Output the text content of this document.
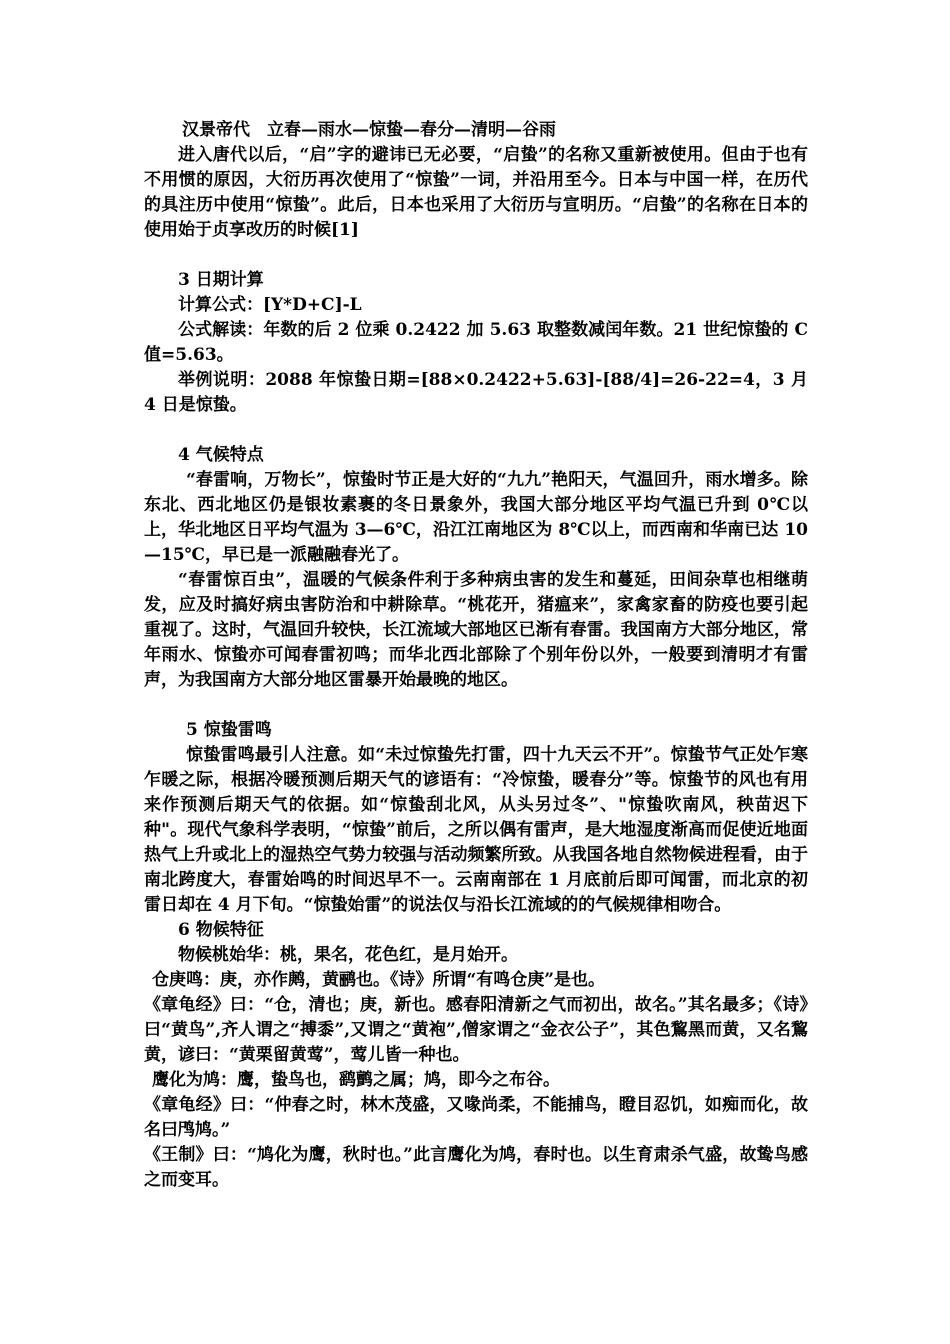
汉景帝代　立春—雨水—惊蛰—春分—清明—谷雨

进入唐代以后，“启”字的避讳已无必要，“启蛰”的名称又重新被使用。但由于也有不用惯的原因，大衍历再次使用了“惊蛰”一词，并沿用至今。日本与中国一样，在历代的具注历中使用“惊蛰”。此后，日本也采用了大衍历与宣明历。“启蛰”的名称在日本的使用始于贞享改历的时候[1]

3 日期计算

计算公式：[Y*D+C]-L

公式解读：年数的后 2 位乘 0.2422 加 5.63 取整数减闰年数。21 世纪惊蛰的 C 值=5.63。

举例说明：2088 年惊蛰日期=[88×0.2422+5.63]-[88/4]=26-22=4，3 月 4 日是惊蛰。

4 气候特点

“春雷响，万物长”，惊蛰时节正是大好的“九九”艳阳天，气温回升，雨水增多。除东北、西北地区仍是银妆素裹的冬日景象外，我国大部分地区平均气温已升到 0℃以上，华北地区日平均气温为 3—6℃，沿江江南地区为 8℃以上，而西南和华南已达 10—15℃，早已是一派融融春光了。

“春雷惊百虫”，温暖的气候条件利于多种病虫害的发生和蔓延，田间杂草也相继萌发，应及时搞好病虫害防治和中耕除草。“桃花开，猪瘟来”，家禽家畜的防疫也要引起重视了。这时，气温回升较快，长江流域大部地区已渐有春雷。我国南方大部分地区，常年雨水、惊蛰亦可闻春雷初鸣；而华北西北部除了个别年份以外，一般要到清明才有雷声，为我国南方大部分地区雷暴开始最晚的地区。

5 惊蛰雷鸣

惊蛰雷鸣最引人注意。如“未过惊蛰先打雷，四十九天云不开”。惊蛰节气正处乍寒乍暖之际，根据冷暖预测后期天气的谚语有：“冷惊蛰，暖春分”等。惊蛰节的风也有用来作预测后期天气的依据。如“惊蛰刮北风，从头另过冬”、"惊蛰吹南风，秧苗迟下种"。现代气象科学表明，“惊蛰”前后，之所以偶有雷声，是大地湿度渐高而促使近地面热气上升或北上的湿热空气势力较强与活动频繁所致。从我国各地自然物候进程看，由于南北跨度大，春雷始鸣的时间迟早不一。云南南部在 1 月底前后即可闻雷，而北京的初雷日却在 4 月下旬。“惊蛰始雷”的说法仅与沿长江流域的的气候规律相吻合。

6 物候特征

物候桃始华：桃，果名，花色红，是月始开。

仓庚鸣：庚，亦作鹒，黄鹂也。《诗》所谓“有鸣仓庚”是也。

《章龟经》曰：“仓，清也；庚，新也。感春阳清新之气而初出，故名。”其名最多；《诗》曰“黄鸟”,齐人谓之“搏黍”,又谓之“黄袍”,僧家谓之“金衣公子”，其色鵹黑而黄，又名鵹黄，谚曰：“黄栗留黄莺”，莺儿皆一种也。

鹰化为鸠：鹰，蛰鸟也，鹞鹯之属；鸠，即今之布谷。

《章龟经》曰：“仲春之时，林木茂盛，又喙尚柔，不能捕鸟，瞪目忍饥，如痴而化，故名曰鸤鸠。”

《王制》曰：“鸠化为鹰，秋时也。”此言鹰化为鸠，春时也。以生育肃杀气盛，故鸷鸟感之而变耳。
